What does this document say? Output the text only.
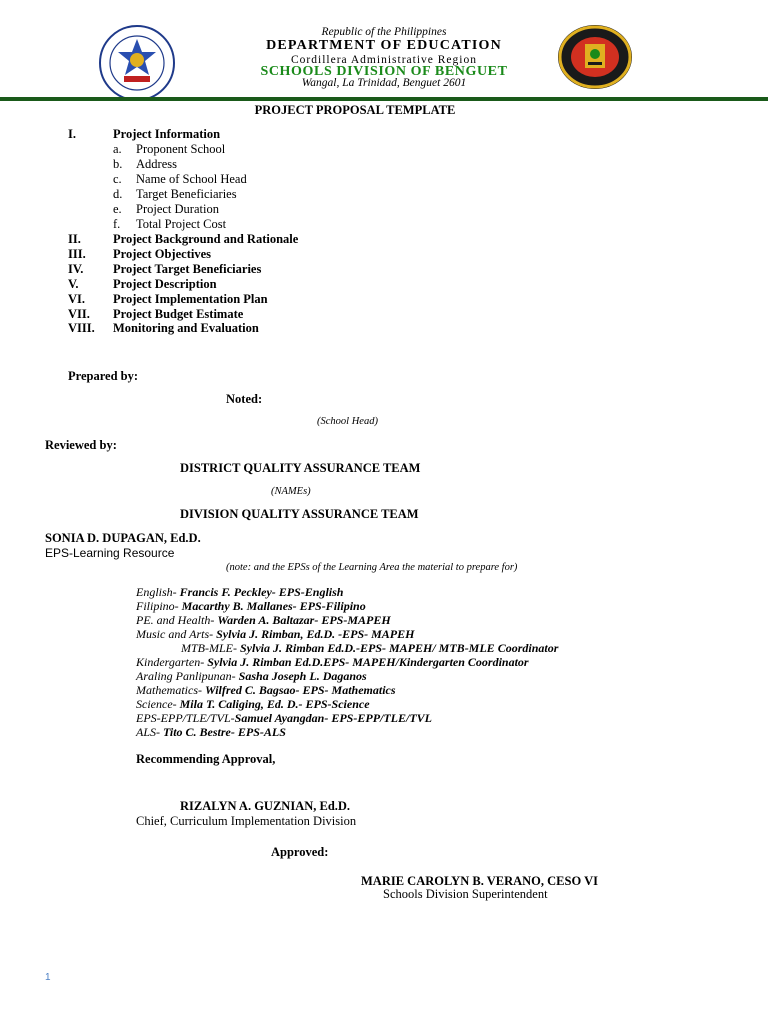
Republic of the Philippines
DEPARTMENT OF EDUCATION
Cordillera Administrative Region
SCHOOLS DIVISION OF BENGUET
Wangal, La Trinidad, Benguet 2601
PROJECT PROPOSAL TEMPLATE
I.	Project Information
a. Proponent School
b. Address
c. Name of School Head
d. Target Beneficiaries
e. Project Duration
f. Total Project Cost
II.	Project Background and Rationale
III. Project Objectives
IV. Project Target Beneficiaries
V.	Project Description
VI. Project Implementation Plan
VII. Project Budget Estimate
VIII. Monitoring and Evaluation
Prepared by:
Noted:
(School Head)
Reviewed by:
DISTRICT QUALITY ASSURANCE TEAM
(NAMEs)
DIVISION QUALITY ASSURANCE TEAM
SONIA D. DUPAGAN, Ed.D.
EPS-Learning Resource
(note: and the EPSs of the Learning Area the material to prepare for)
English- Francis F. Peckley- EPS-English
Filipino- Macarthy B. Mallanes- EPS-Filipino
PE. and Health- Warden A. Baltazar- EPS-MAPEH
Music and Arts- Sylvia J. Rimban, Ed.D. -EPS- MAPEH
MTB-MLE- Sylvia J. Rimban Ed.D.-EPS- MAPEH/ MTB-MLE Coordinator
Kindergarten- Sylvia J. Rimban Ed.D.EPS- MAPEH/Kindergarten Coordinator
Araling Panlipunan- Sasha Joseph L. Daganos
Mathematics- Wilfred C. Bagsao- EPS- Mathematics
Science- Mila T. Caliging, Ed. D.- EPS-Science
EPS-EPP/TLE/TVL-Samuel Ayangdan- EPS-EPP/TLE/TVL
ALS- Tito C. Bestre- EPS-ALS
Recommending Approval,
RIZALYN A. GUZNIAN, Ed.D.
Chief, Curriculum Implementation Division
Approved:
MARIE CAROLYN B. VERANO, CESO VI
Schools Division Superintendent
1
